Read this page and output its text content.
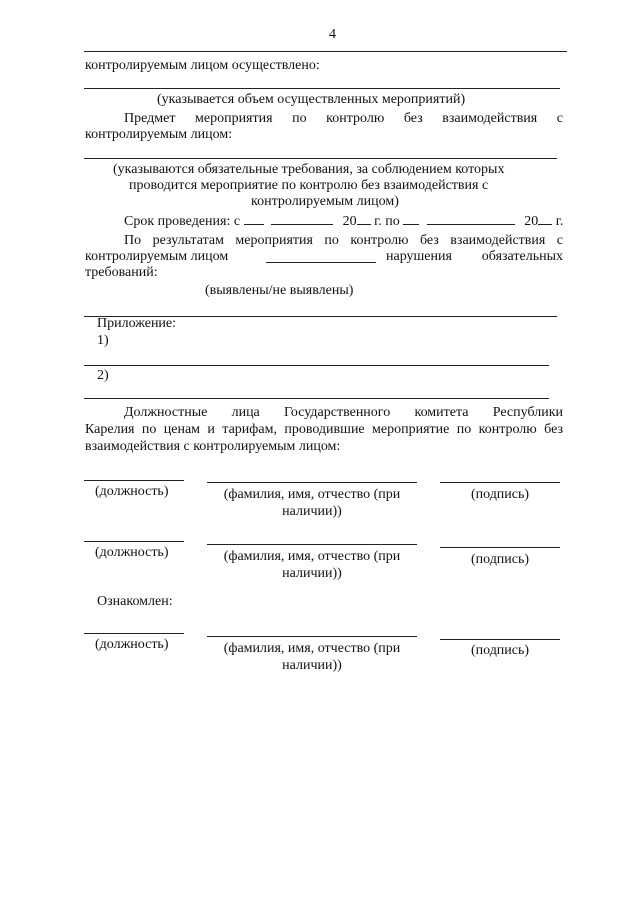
4
контролируемым лицом осуществлено:
(указывается объем осуществленных мероприятий)
Предмет мероприятия по контролю без взаимодействия с
контролируемым лицом:
(указываются обязательные требования, за соблюдением которых
проводится мероприятие по контролю без взаимодействия с
контролируемым лицом)
Срок проведения: с	20 г. по	20 г.
По результатам мероприятия по контролю без взаимодействия с
контролируемым лицом	нарушения обязательных
требований:
(выявлены/не выявлены)
Приложение:
1)
2)
Должностные лица Государственного комитета Республики
Карелия по ценам и тарифам, проводившие мероприятие по контролю без
взаимодействия с контролируемым лицом:
(должность)	(фамилия, имя, отчество (при
наличии))
(подпись)
(должность)	(фамилия, имя, отчество (при
наличии))
(подпись)
Ознакомлен:
(должность)	(фамилия, имя, отчество (при
наличии))
(подпись)
